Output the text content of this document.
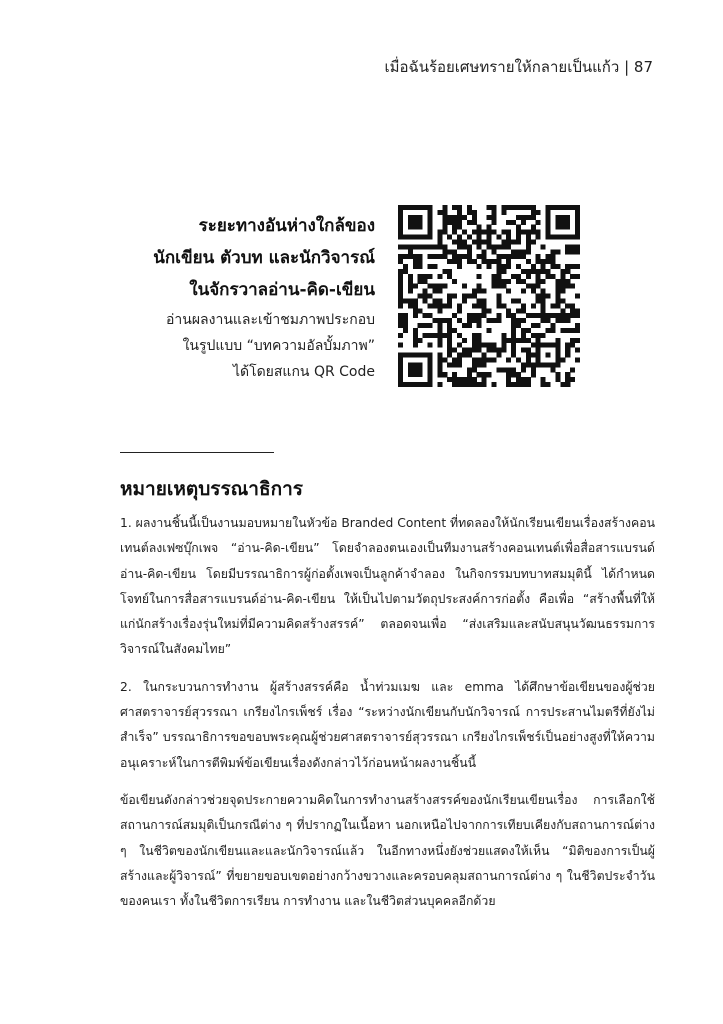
เมื่อฉันร้อยเศษทรายให้กลายเป็นแก้ว | 87
ระยะทางอันห่างใกล้ของ
นักเขียน ตัวบท และนักวิจารณ์
ในจักรวาลอ่าน-คิด-เขียน
อ่านผลงานและเข้าชมภาพประกอบ
ในรูปแบบ “บทความอัลบั้มภาพ”
ได้โดยสแกน QR Code
หมายเหตุบรรณาธิการ

1. ผลงานชิ้นนี้เป็นงานมอบหมายในหัวข้อ Branded Content ที่ทดลองให้นักเรียนเขียนเรื่องสร้างคอนเทนต์ลงเฟซบุ๊กเพจ “อ่าน-คิด-เขียน” โดยจำลองตนเองเป็นทีมงานสร้างคอนเทนต์เพื่อสื่อสารแบรนด์อ่าน-คิด-เขียน โดยมีบรรณาธิการผู้ก่อตั้งเพจเป็นลูกค้าจำลอง ในกิจกรรมบทบาทสมมุตินี้ ได้กำหนดโจทย์ในการสื่อสารแบรนด์อ่าน-คิด-เขียน ให้เป็นไปตามวัตถุประสงค์การก่อตั้ง คือเพื่อ “สร้างพื้นที่ให้แก่นักสร้างเรื่องรุ่นใหม่ที่มีความคิดสร้างสรรค์” ตลอดจนเพื่อ “ส่งเสริมและสนับสนุนวัฒนธรรมการวิจารณ์ในสังคมไทย”

2. ในกระบวนการทำงาน ผู้สร้างสรรค์คือ น้ำท่วมเมฆ และ emma ได้ศึกษาข้อเขียนของผู้ช่วยศาสตราจารย์สุวรรณา เกรียงไกรเพ็ชร์ เรื่อง “ระหว่างนักเขียนกับนักวิจารณ์ การประสานไมตรีที่ยังไม่สำเร็จ” บรรณาธิการขอขอบพระคุณผู้ช่วยศาสตราจารย์สุวรรณา เกรียงไกรเพ็ชร์เป็นอย่างสูงที่ให้ความอนุเคราะห์ในการตีพิมพ์ข้อเขียนเรื่องดังกล่าวไว้ก่อนหน้าผลงานชิ้นนี้

ข้อเขียนดังกล่าวช่วยจุดประกายความคิดในการทำงานสร้างสรรค์ของนักเรียนเขียนเรื่อง การเลือกใช้สถานการณ์สมมุติเป็นกรณีต่าง ๆ ที่ปรากฏในเนื้อหา นอกเหนือไปจากการเทียบเคียงกับสถานการณ์ต่าง ๆ ในชีวิตของนักเขียนและและนักวิจารณ์แล้ว ในอีกทางหนึ่งยังช่วยแสดงให้เห็น “มิติของการเป็นผู้สร้างและผู้วิจารณ์” ที่ขยายขอบเขตอย่างกว้างขวางและครอบคลุมสถานการณ์ต่าง ๆ ในชีวิตประจำวันของคนเรา ทั้งในชีวิตการเรียน การทำงาน และในชีวิตส่วนบุคคลอีกด้วย
